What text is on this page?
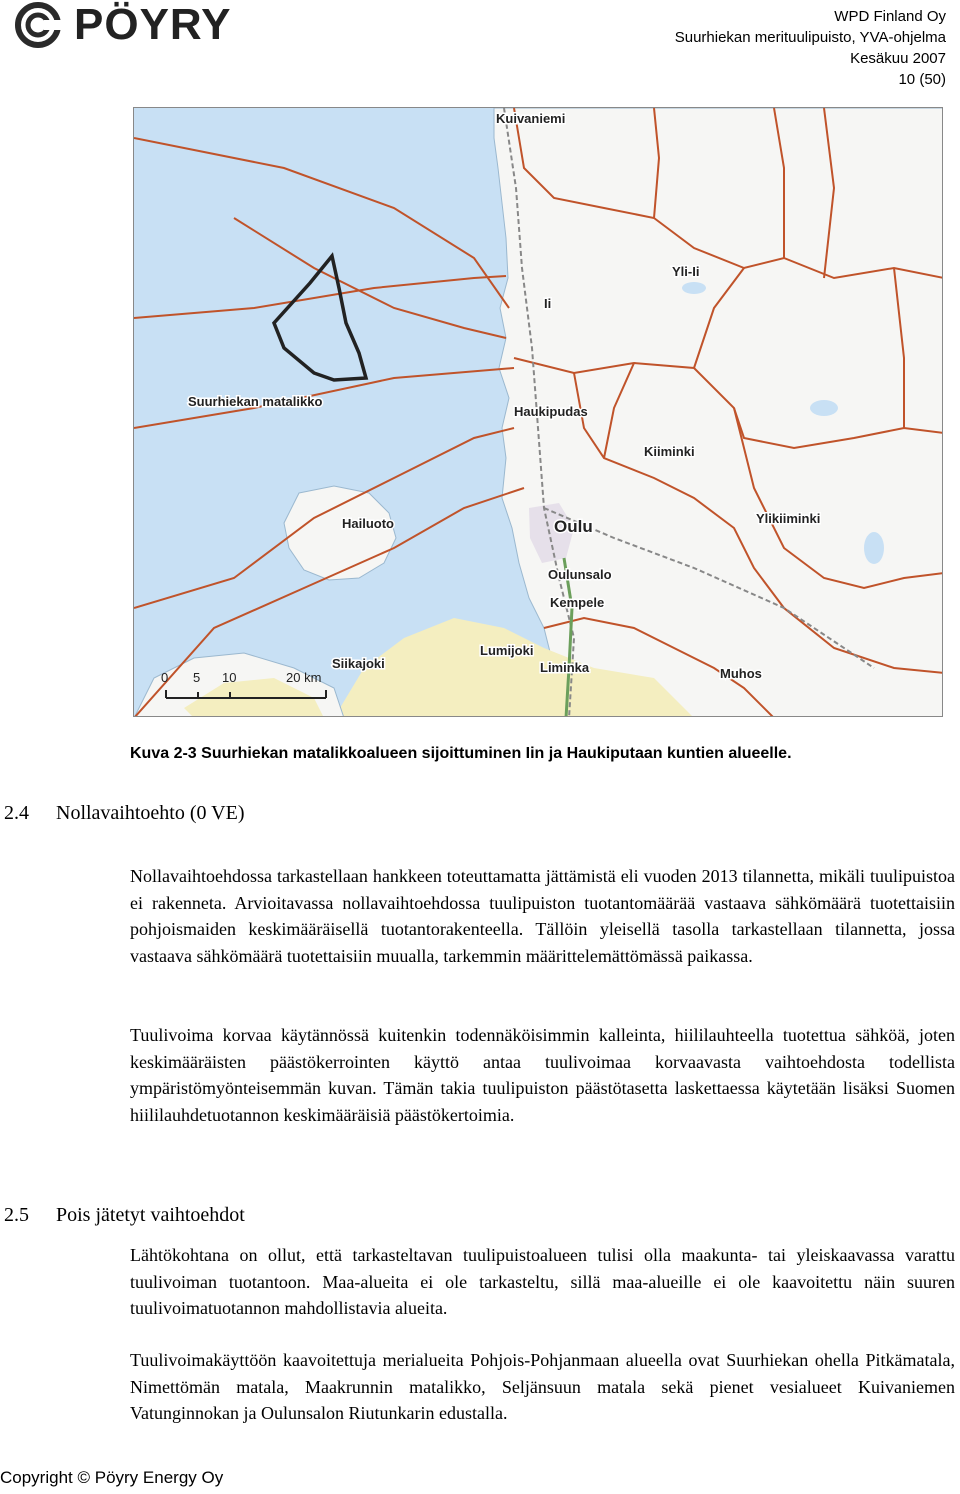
PÖYRY	WPD Finland Oy
Suurhiekan merituulipuisto, YVA-ohjelma
Kesäkuu 2007
10 (50)
Kuivaniemi
Yli-Ii
Ii
Suurhiekan matalikko
Haukipudas
Kiiminki
Hailuoto	Oulu	Ylikiiminki
Oulunsalo
Kempele
Lumijoki
Siikajoki	Liminka	Muhos
0 5 10	20 km
Kuva 2-3 Suurhiekan matalikkoalueen sijoittuminen Iin ja Haukiputaan kuntien alueelle.
2.4 Nollavaihtoehto (0 VE)

Nollavaihtoehdossa tarkastellaan hankkeen toteuttamatta jättämistä eli vuoden 2013 tilannetta, mikäli tuulipuistoa ei rakenneta. Arvioitavassa nollavaihtoehdossa tuulipuiston tuotantomäärää vastaava sähkömäärä tuotettaisiin pohjoismaiden keskimääräisellä tuotantorakenteella. Tällöin yleisellä tasolla tarkastellaan tilannetta, jossa vastaava sähkömäärä tuotettaisiin muualla, tarkemmin määrittelemättömässä paikassa.

Tuulivoima korvaa käytännössä kuitenkin todennäköisimmin kalleinta, hiililauhteella tuotettua sähköä, joten keskimääräisten päästökerrointen käyttö antaa tuulivoimaa korvaavasta vaihtoehdosta todellista ympäristömyönteisemmän kuvan. Tämän takia tuulipuiston päästötasetta laskettaessa käytetään lisäksi Suomen hiililauhdetuotannon keskimääräisiä päästökertoimia.

2.5 Pois jätetyt vaihtoehdot

Lähtökohtana on ollut, että tarkasteltavan tuulipuistoalueen tulisi olla maakunta- tai yleiskaavassa varattu tuulivoiman tuotantoon. Maa-alueita ei ole tarkasteltu, sillä maa-alueille ei ole kaavoitettu näin suuren tuulivoimatuotannon mahdollistavia alueita.

Tuulivoimakäyttöön kaavoitettuja merialueita Pohjois-Pohjanmaan alueella ovat Suurhiekan ohella Pitkämatala, Nimettömän matala, Maakrunnin matalikko, Seljänsuun matala sekä pienet vesialueet Kuivaniemen Vatunginnokan ja Oulunsalon Riutunkarin edustalla.

Copyright © Pöyry Energy Oy
